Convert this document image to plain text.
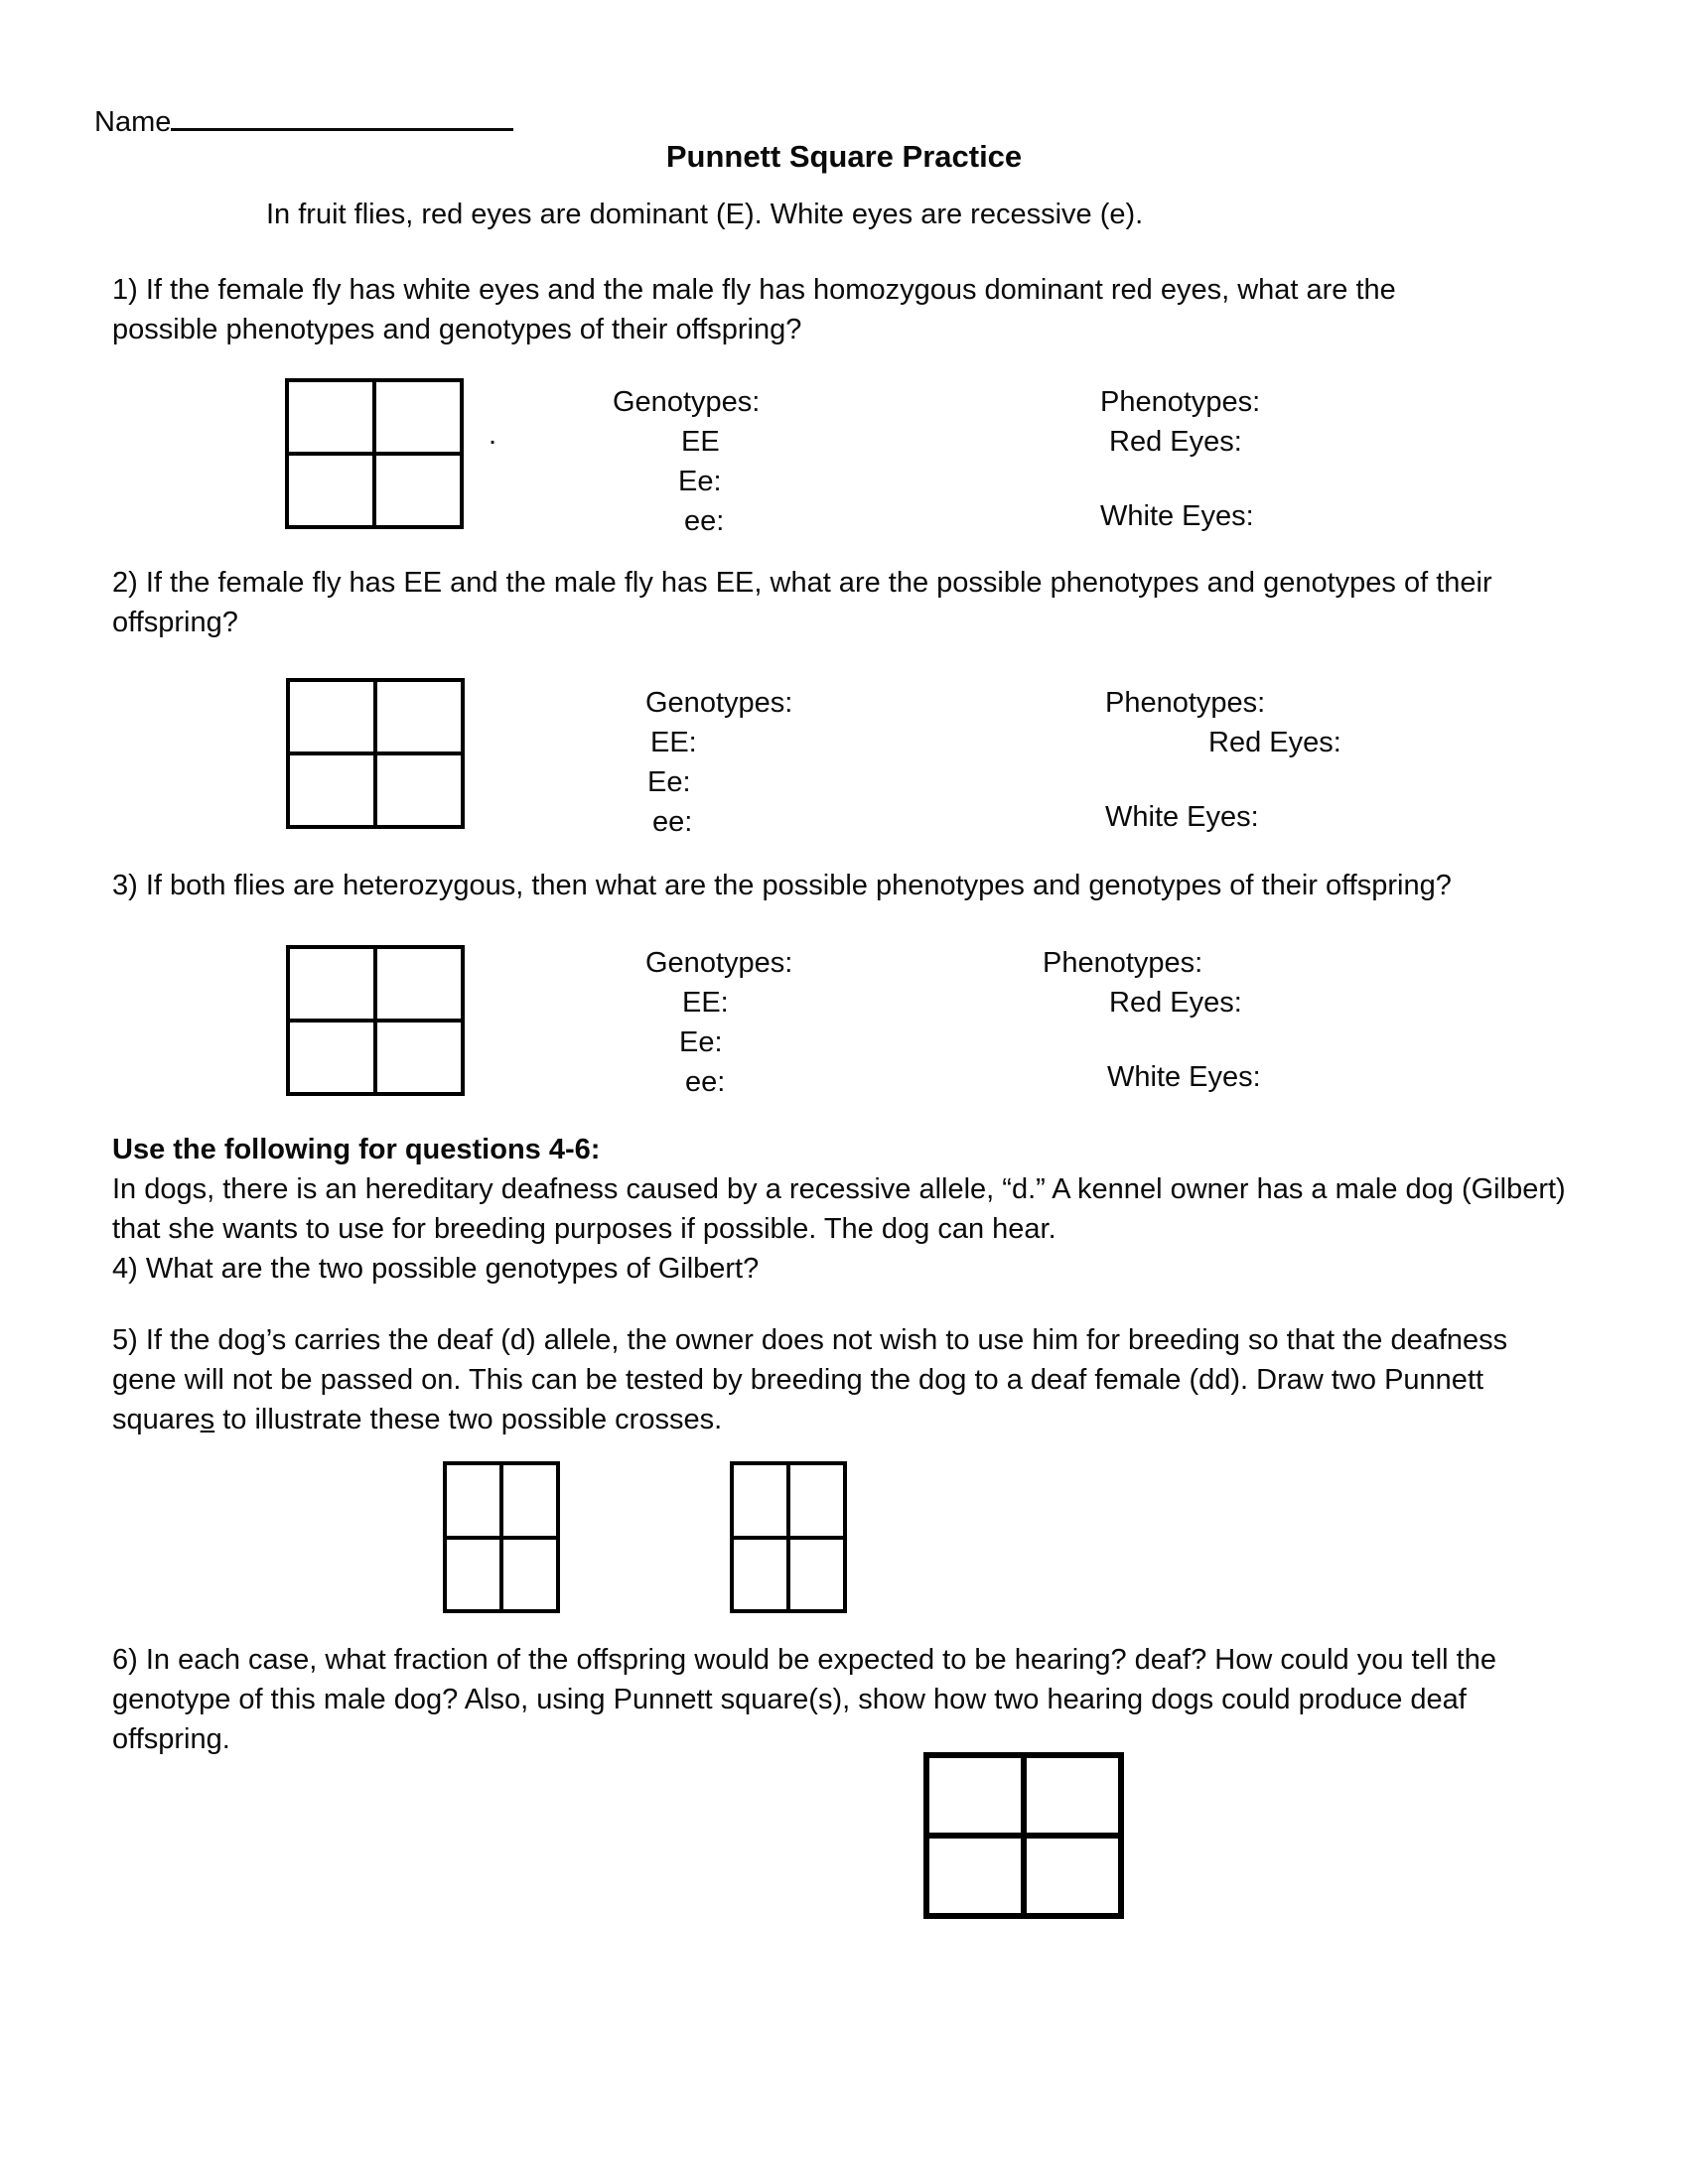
Name
Punnett Square Practice
In fruit flies, red eyes are dominant (E). White eyes are recessive (e).
1) If the female fly has white eyes and the male fly has homozygous dominant red eyes, what are the possible phenotypes and genotypes of their offspring?
.
Genotypes:
EE
Ee:
ee:
Phenotypes:
Red Eyes:
White Eyes:
2) If the female fly has EE and the male fly has EE, what are the possible phenotypes and genotypes of their offspring?
Genotypes:
EE:
Ee:
ee:
Phenotypes:
Red Eyes:
White Eyes:
3) If both flies are heterozygous, then what are the possible phenotypes and genotypes of their offspring?
Genotypes:
EE:
Ee:
ee:
Phenotypes:
Red Eyes:
White Eyes:
Use the following for questions 4-6:
In dogs, there is an hereditary deafness caused by a recessive allele, “d.” A kennel owner has a male dog (Gilbert) that she wants to use for breeding purposes if possible. The dog can hear.
4) What are the two possible genotypes of Gilbert?
5) If the dog’s carries the deaf (d) allele, the owner does not wish to use him for breeding so that the deafness gene will not be passed on. This can be tested by breeding the dog to a deaf female (dd). Draw two Punnett squares to illustrate these two possible crosses.
6) In each case, what fraction of the offspring would be expected to be hearing? deaf? How could you tell the genotype of this male dog? Also, using Punnett square(s), show how two hearing dogs could produce deaf offspring.
